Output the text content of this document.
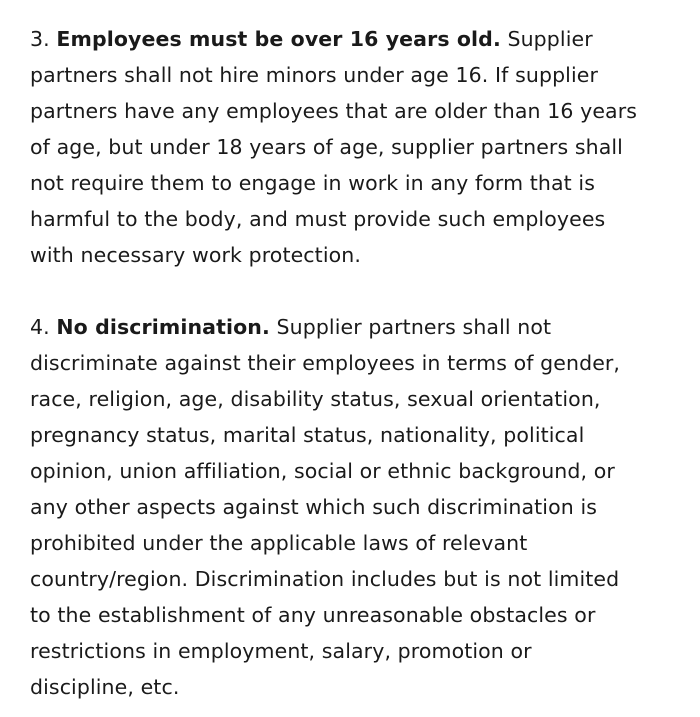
3. Employees must be over 16 years old. Supplier
partners shall not hire minors under age 16. If supplier
partners have any employees that are older than 16 years
of age, but under 18 years of age, supplier partners shall
not require them to engage in work in any form that is
harmful to the body, and must provide such employees
with necessary work protection.

4. No discrimination. Supplier partners shall not
discriminate against their employees in terms of gender,
race, religion, age, disability status, sexual orientation,
pregnancy status, marital status, nationality, political
opinion, union affiliation, social or ethnic background, or
any other aspects against which such discrimination is
prohibited under the applicable laws of relevant
country/region. Discrimination includes but is not limited
to the establishment of any unreasonable obstacles or
restrictions in employment, salary, promotion or
discipline, etc.
